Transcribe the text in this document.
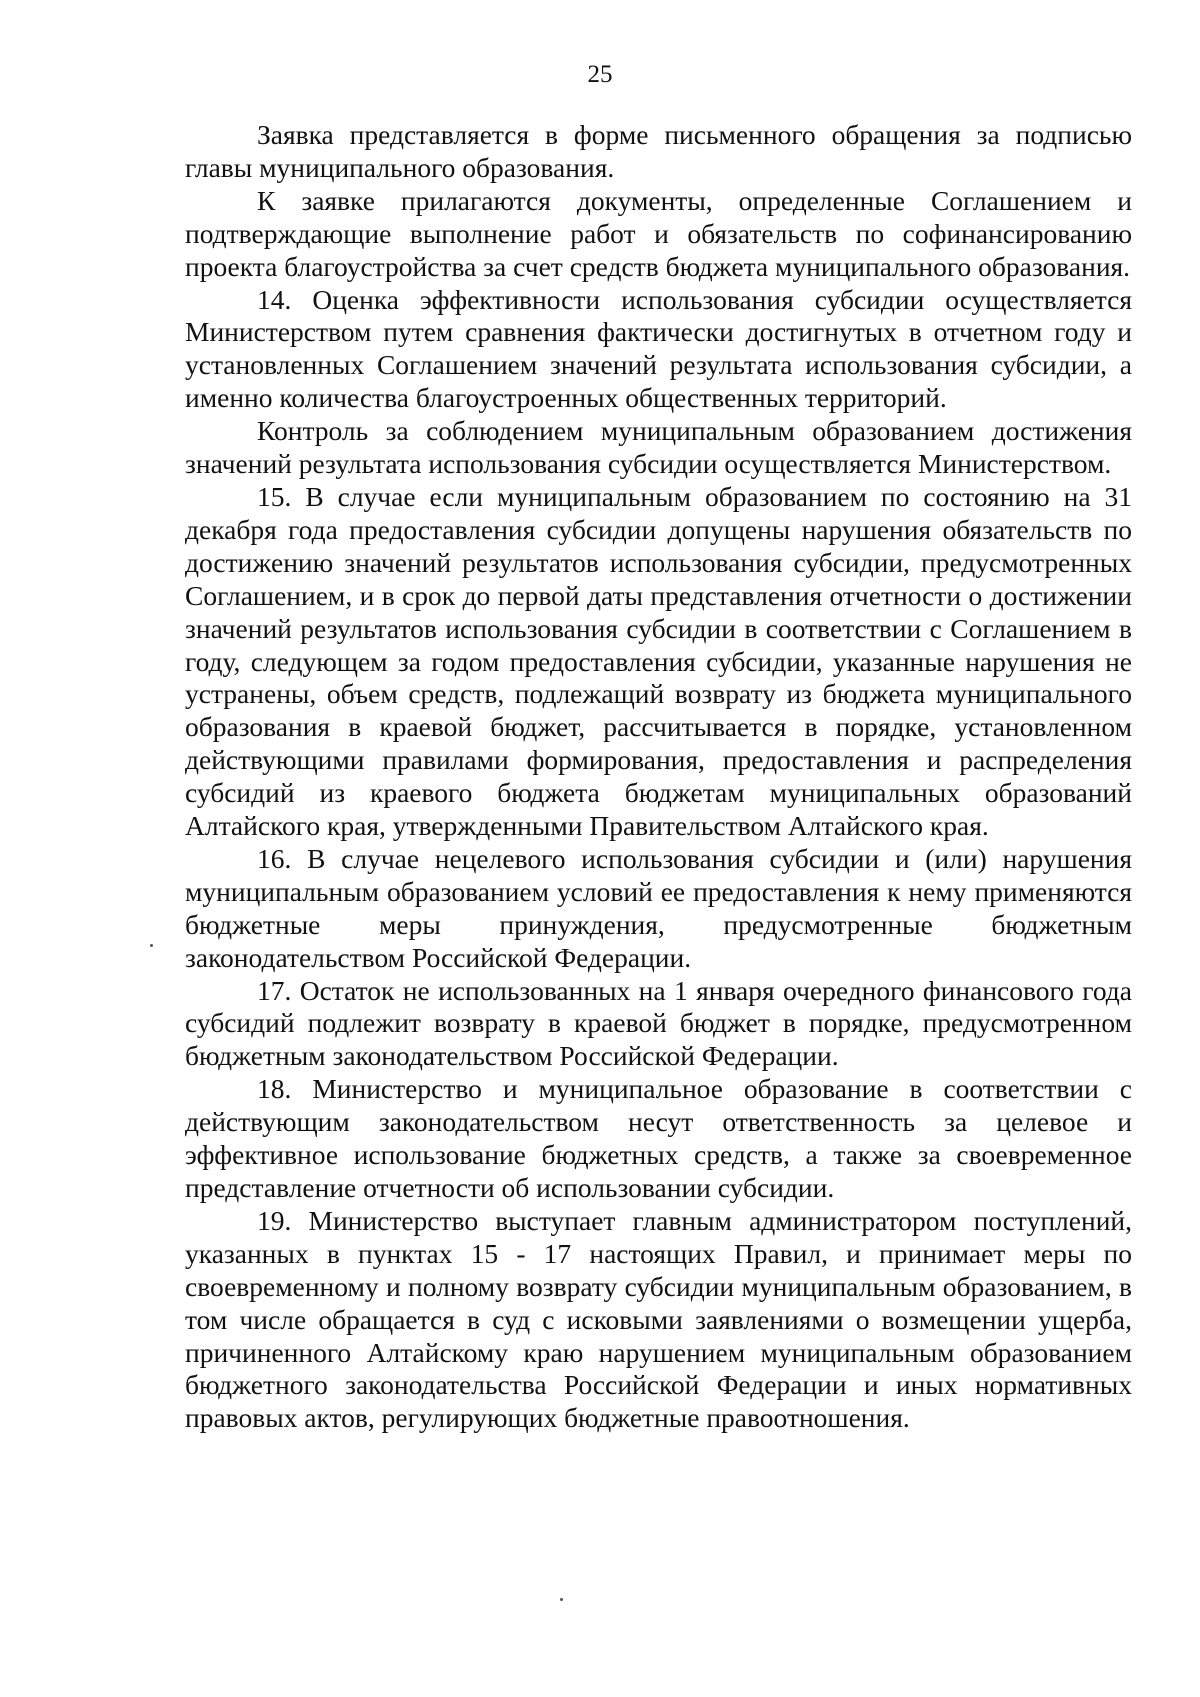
25

Заявка представляется в форме письменного обращения за подписью главы муниципального образования.

К заявке прилагаются документы, определенные Соглашением и подтверждающие выполнение работ и обязательств по софинансированию проекта благоустройства за счет средств бюджета муниципального образования.

14. Оценка эффективности использования субсидии осуществляется Министерством путем сравнения фактически достигнутых в отчетном году и установленных Соглашением значений результата использования субсидии, а именно количества благоустроенных общественных территорий.

Контроль за соблюдением муниципальным образованием достижения значений результата использования субсидии осуществляется Министерством.

15. В случае если муниципальным образованием по состоянию на 31 декабря года предоставления субсидии допущены нарушения обязательств по достижению значений результатов использования субсидии, предусмотренных Соглашением, и в срок до первой даты представления отчетности о достижении значений результатов использования субсидии в соответствии с Соглашением в году, следующем за годом предоставления субсидии, указанные нарушения не устранены, объем средств, подлежащий возврату из бюджета муниципального образования в краевой бюджет, рассчитывается в порядке, установленном действующими правилами формирования, предоставления и распределения субсидий из краевого бюджета бюджетам муниципальных образований Алтайского края, утвержденными Правительством Алтайского края.

16. В случае нецелевого использования субсидии и (или) нарушения муниципальным образованием условий ее предоставления к нему применяются бюджетные меры принуждения, предусмотренные бюджетным законодательством Российской Федерации.

17. Остаток не использованных на 1 января очередного финансового года субсидий подлежит возврату в краевой бюджет в порядке, предусмотренном бюджетным законодательством Российской Федерации.

18. Министерство и муниципальное образование в соответствии с действующим законодательством несут ответственность за целевое и эффективное использование бюджетных средств, а также за своевременное представление отчетности об использовании субсидии.

19. Министерство выступает главным администратором поступлений, указанных в пунктах 15 - 17 настоящих Правил, и принимает меры по своевременному и полному возврату субсидии муниципальным образованием, в том числе обращается в суд с исковыми заявлениями о возмещении ущерба, причиненного Алтайскому краю нарушением муниципальным образованием бюджетного законодательства Российской Федерации и иных нормативных правовых актов, регулирующих бюджетные правоотношения.
